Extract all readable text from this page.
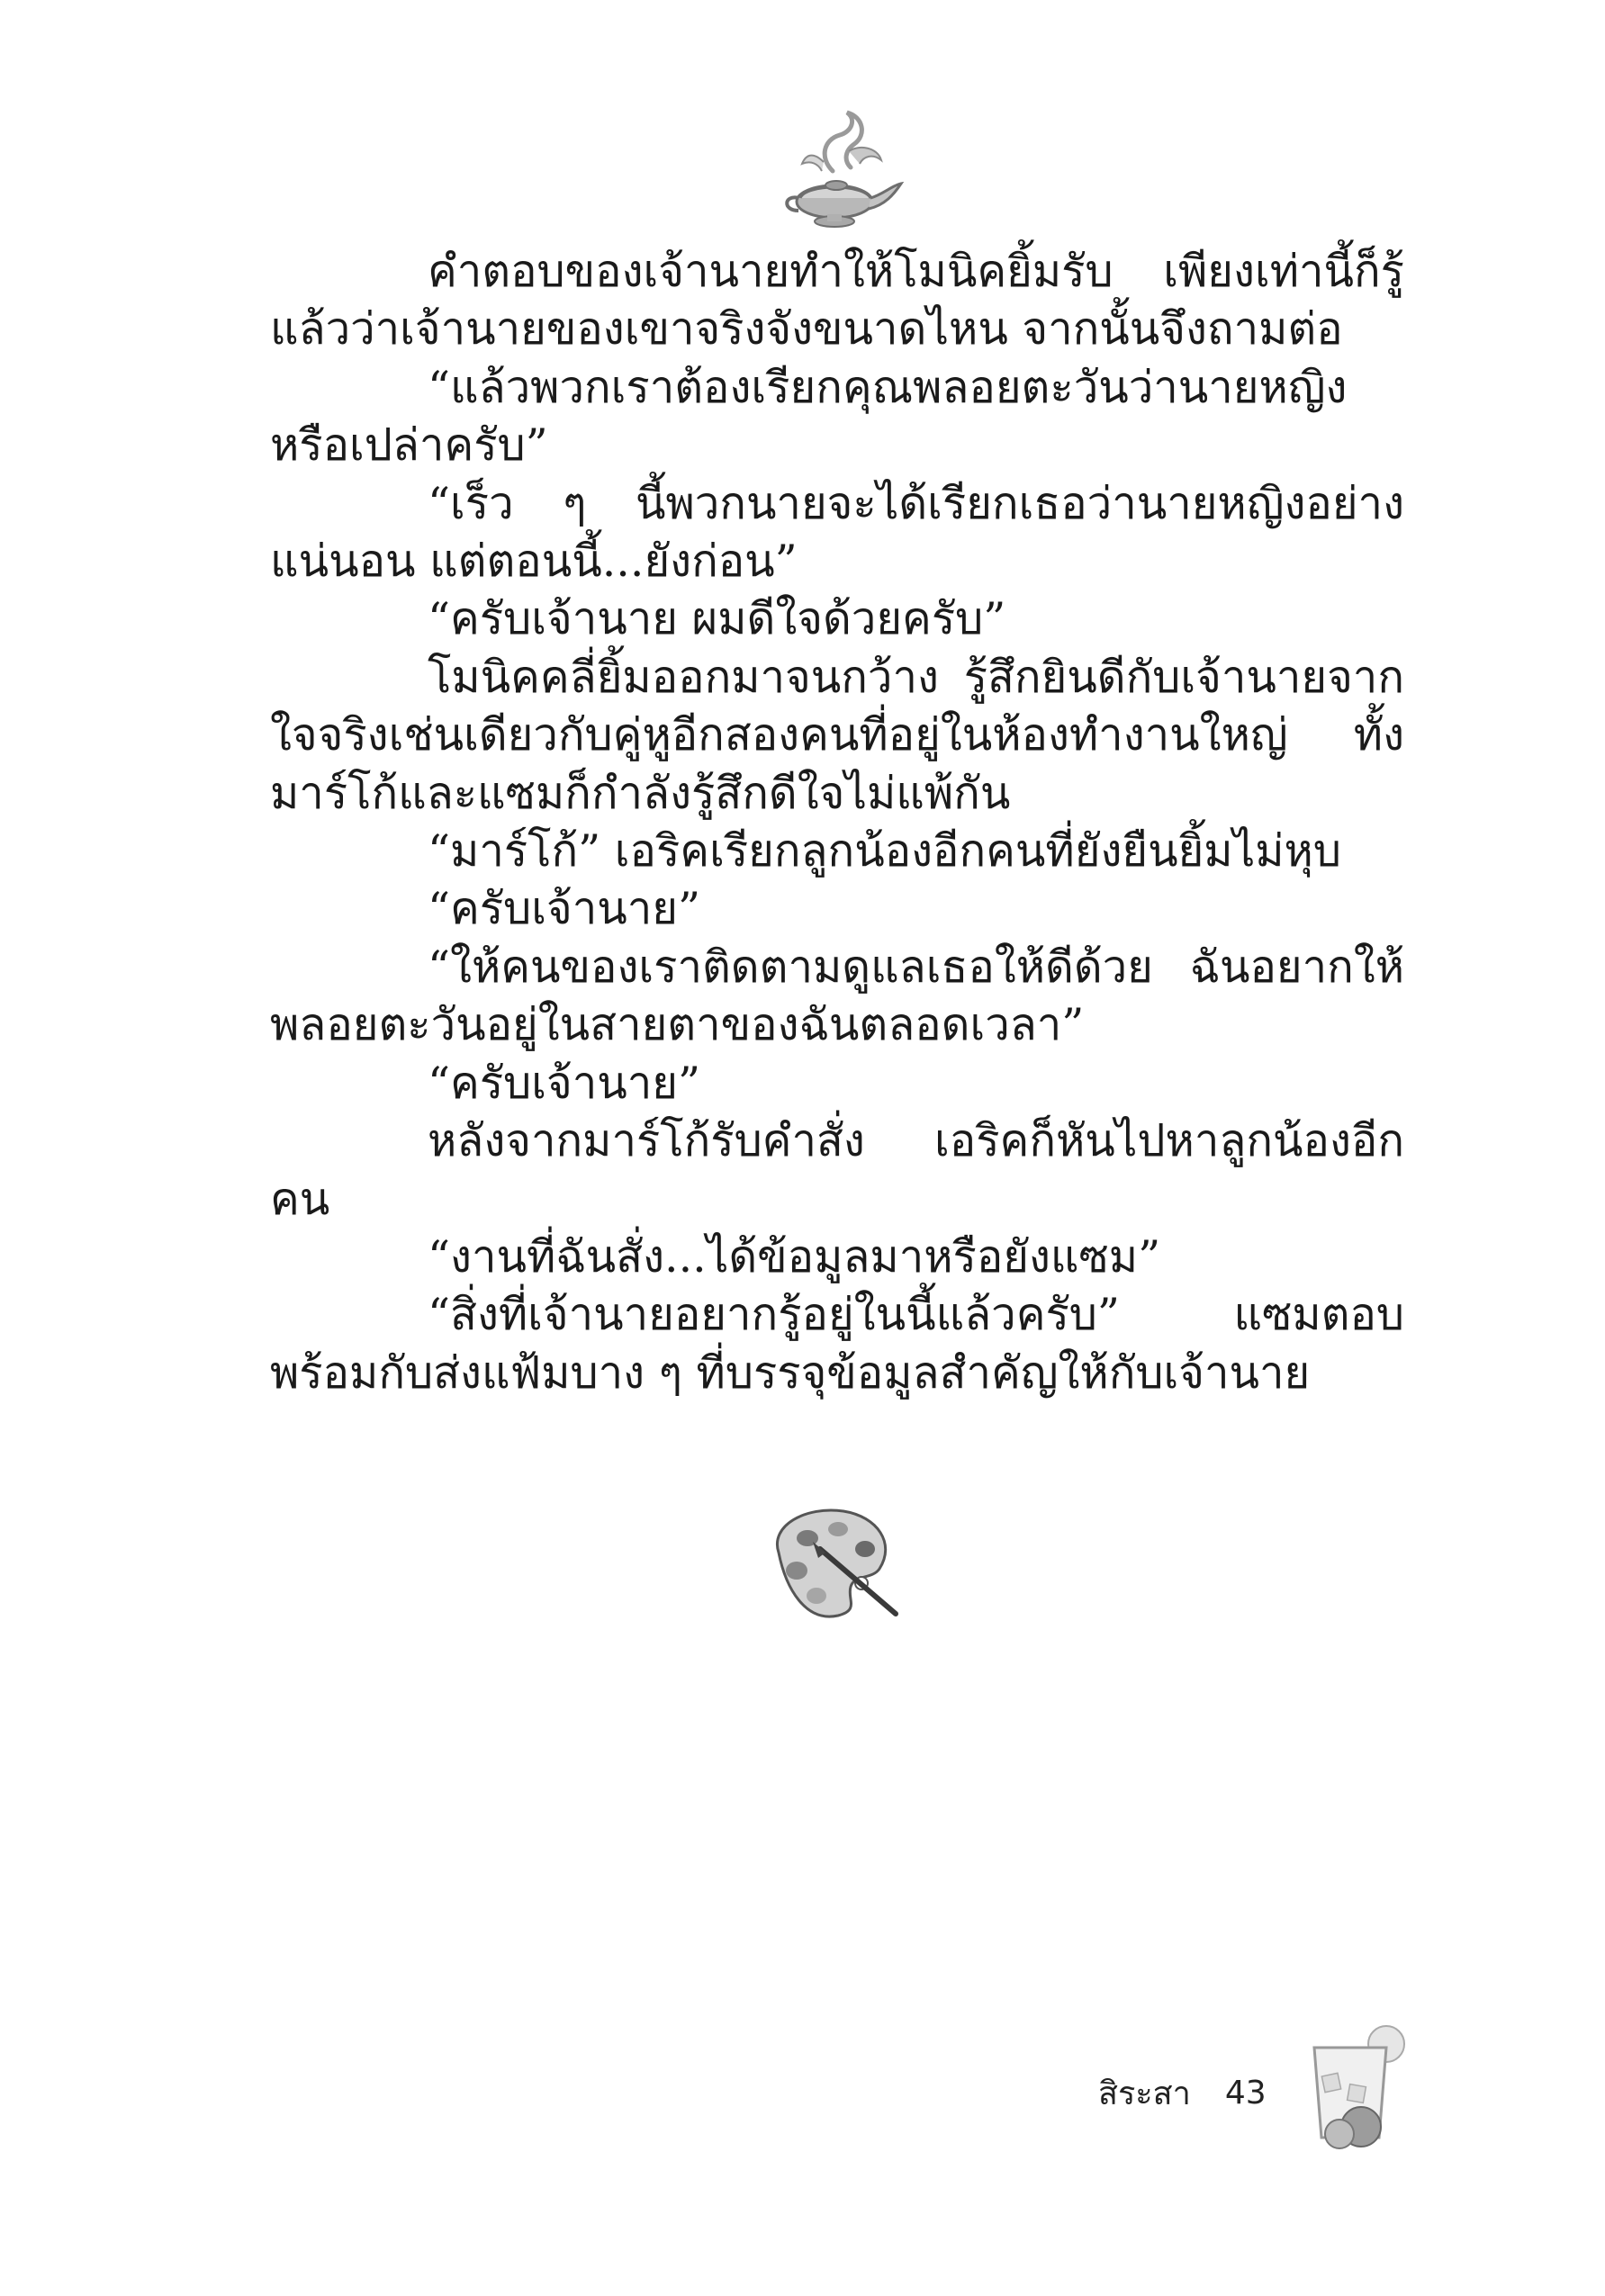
คำตอบของเจ้านายทำให้โมนิคยิ้มรับ เพียงเท่านี้ก็รู้แล้วว่าเจ้านายของเขาจริงจังขนาดไหน จากนั้นจึงถามต่อ

“แล้วพวกเราต้องเรียกคุณพลอยตะวันว่านายหญิงหรือเปล่าครับ”

“เร็ว ๆ นี้พวกนายจะได้เรียกเธอว่านายหญิงอย่างแน่นอน แต่ตอนนี้...ยังก่อน”

“ครับเจ้านาย ผมดีใจด้วยครับ”

โมนิคคลี่ยิ้มออกมาจนกว้าง รู้สึกยินดีกับเจ้านายจากใจจริงเช่นเดียวกับคู่หูอีกสองคนที่อยู่ในห้องทำงานใหญ่ ทั้งมาร์โก้และแซมก็กำลังรู้สึกดีใจไม่แพ้กัน

“มาร์โก้” เอริคเรียกลูกน้องอีกคนที่ยังยืนยิ้มไม่หุบ

“ครับเจ้านาย”

“ให้คนของเราติดตามดูแลเธอให้ดีด้วย ฉันอยากให้พลอยตะวันอยู่ในสายตาของฉันตลอดเวลา”

“ครับเจ้านาย”

หลังจากมาร์โก้รับคำสั่ง เอริคก็หันไปหาลูกน้องอีกคน

“งานที่ฉันสั่ง...ได้ข้อมูลมาหรือยังแซม”

“สิ่งที่เจ้านายอยากรู้อยู่ในนี้แล้วครับ” แซมตอบพร้อมกับส่งแฟ้มบาง ๆ ที่บรรจุข้อมูลสำคัญให้กับเจ้านาย

สิระสา 43
